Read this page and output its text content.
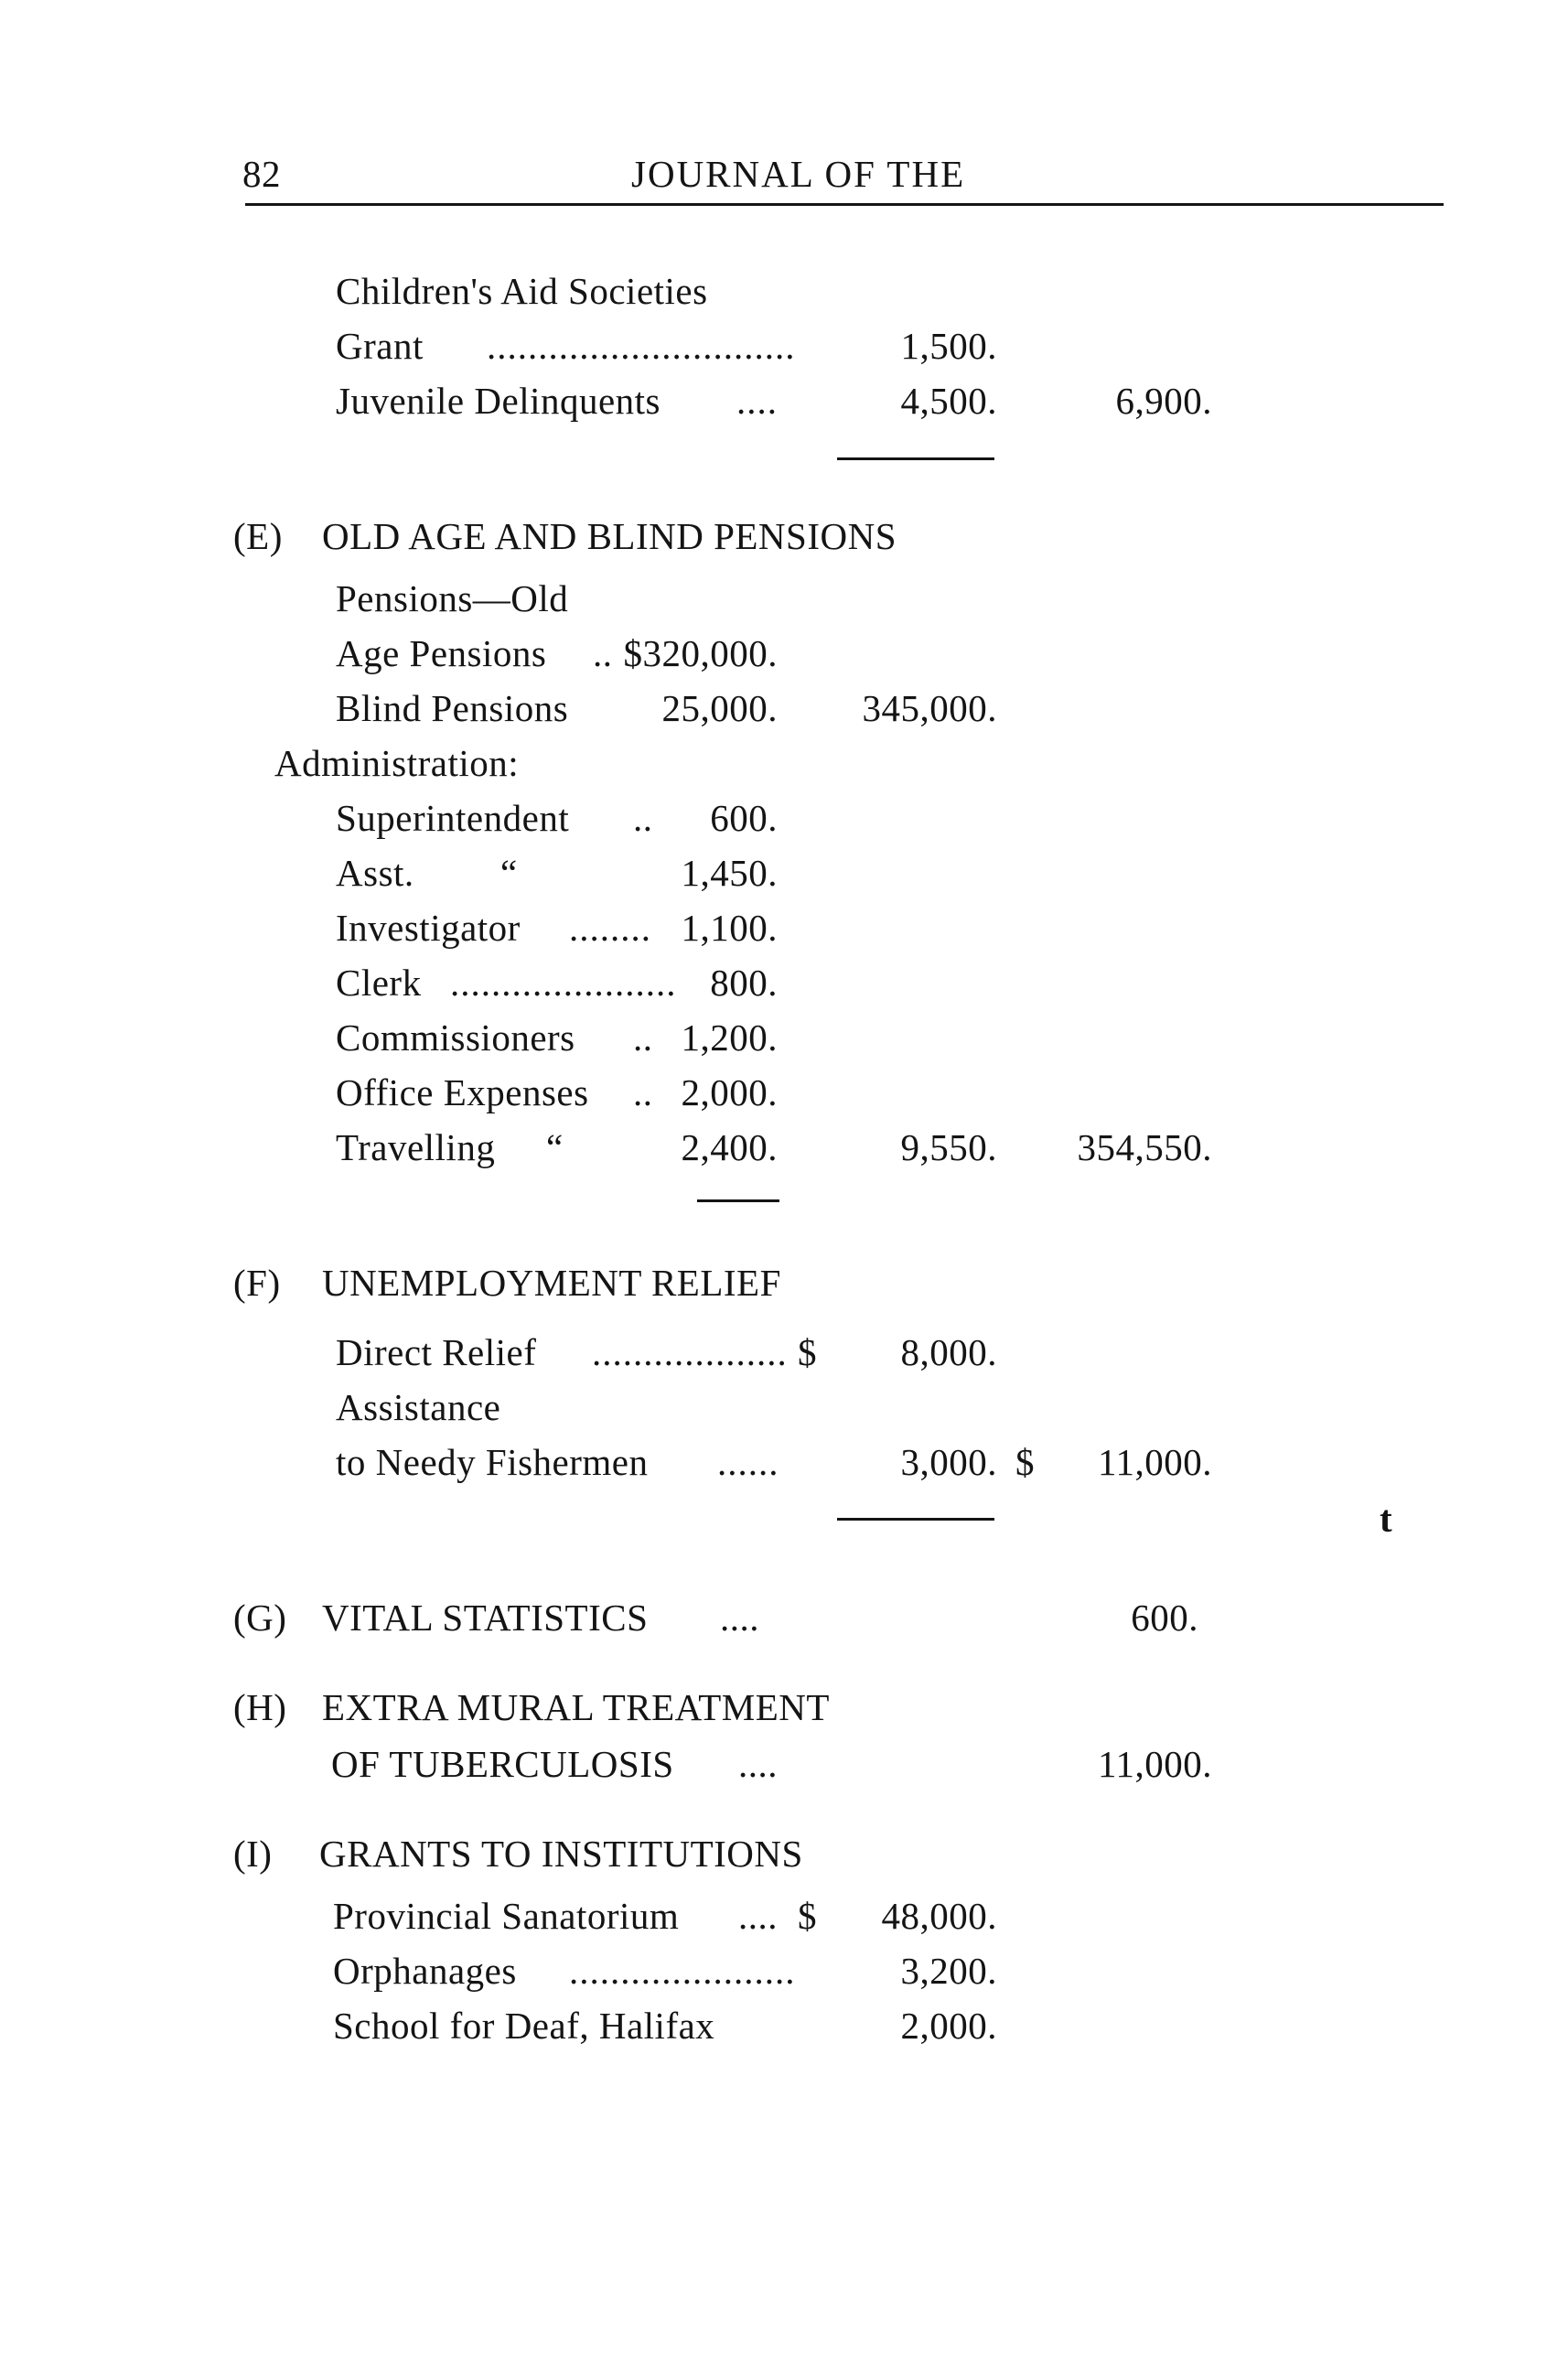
82	JOURNAL OF THE
Children's Aid Societies
Grant ..............................	1,500.
Juvenile Delinquents ....	4,500.	6,900.
(E) OLD AGE AND BLIND PENSIONS
Pensions—Old
Age Pensions .. $320,000.
Blind Pensions	25,000.	345,000.
Administration:
Superintendent ..	600.
Asst. “	1,450.
Investigator ........ 1,100.
Clerk ...................... 800.
Commissioners .. 1,200.
Office Expenses .. 2,000.
Travelling “	2,400.	9,550.	354,550.
(F) UNEMPLOYMENT RELIEF
Direct Relief ................... $	8,000.
Assistance
to Needy Fishermen ......	3,000. $	11,000.
t
(G) VITAL STATISTICS ....	600.
(H) EXTRA MURAL TREATMENT
OF TUBERCULOSIS ....	11,000.
(I) GRANTS TO INSTITUTIONS
Provincial Sanatorium .... $	48,000.
Orphanages ......................	3,200.
School for Deaf, Halifax	2,000.
